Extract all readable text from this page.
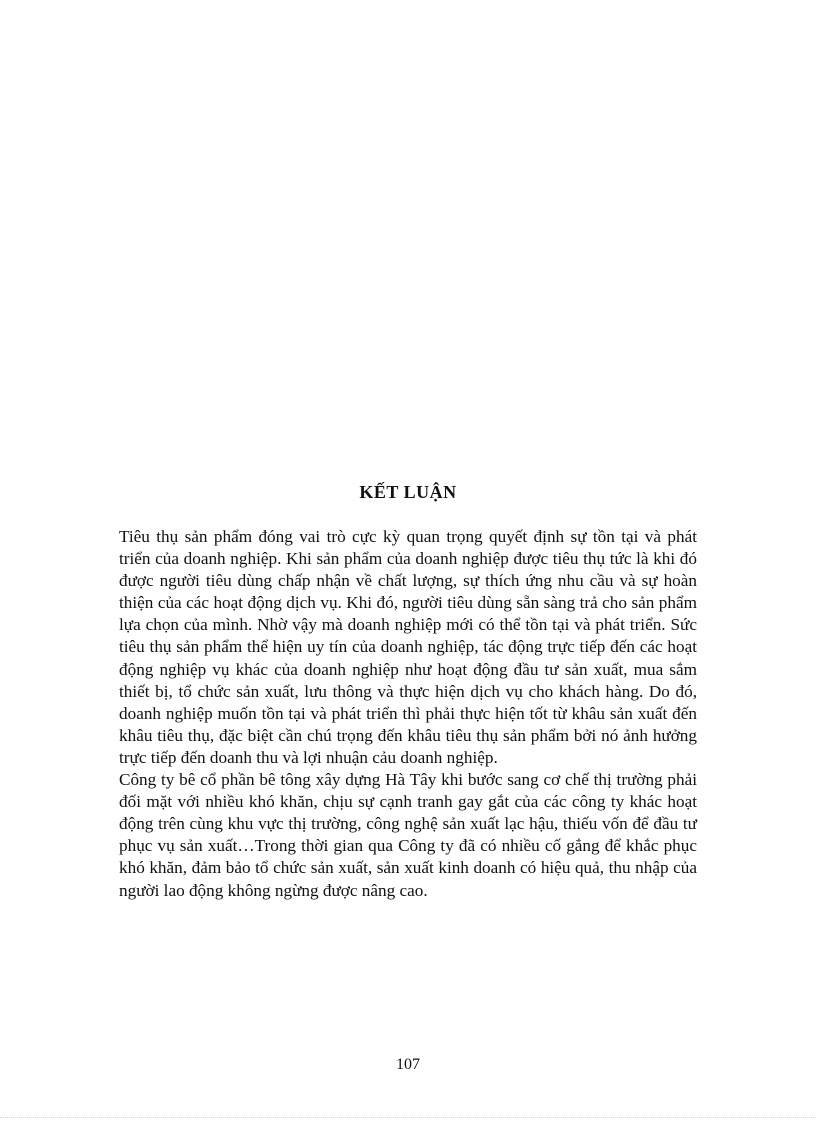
KẾT LUẬN

Tiêu thụ sản phẩm đóng vai trò cực kỳ quan trọng quyết định sự tồn tại và phát triển của doanh nghiệp. Khi sản phẩm của doanh nghiệp được tiêu thụ tức là khi đó được người tiêu dùng chấp nhận về chất lượng, sự thích ứng nhu cầu và sự hoàn thiện của các hoạt động dịch vụ. Khi đó, người tiêu dùng sẵn sàng trả cho sản phẩm lựa chọn của mình. Nhờ vậy mà doanh nghiệp mới có thể tồn tại và phát triển. Sức tiêu thụ sản phẩm thể hiện uy tín của doanh nghiệp, tác động trực tiếp đến các hoạt động nghiệp vụ khác của doanh nghiệp như hoạt động đầu tư sản xuất, mua sắm thiết bị, tổ chức sản xuất, lưu thông và thực hiện dịch vụ cho khách hàng. Do đó, doanh nghiệp muốn tồn tại và phát triển thì phải thực hiện tốt từ khâu sản xuất đến khâu tiêu thụ, đặc biệt cần chú trọng đến khâu tiêu thụ sản phẩm bởi nó ảnh hưởng trực tiếp đến doanh thu và lợi nhuận cảu doanh nghiệp.

Công ty bê cổ phần bê tông xây dựng Hà Tây khi bước sang cơ chế thị trường phải đối mặt với nhiều khó khăn, chịu sự cạnh tranh gay gắt của các công ty khác hoạt động trên cùng khu vực thị trường, công nghệ sản xuất lạc hậu, thiếu vốn để đầu tư phục vụ sản xuất…Trong thời gian qua Công ty đã có nhiều cố gắng để khắc phục khó khăn, đảm bảo tổ chức sản xuất, sản xuất kinh doanh có hiệu quả, thu nhập của người lao động không ngừng được nâng cao.

107
